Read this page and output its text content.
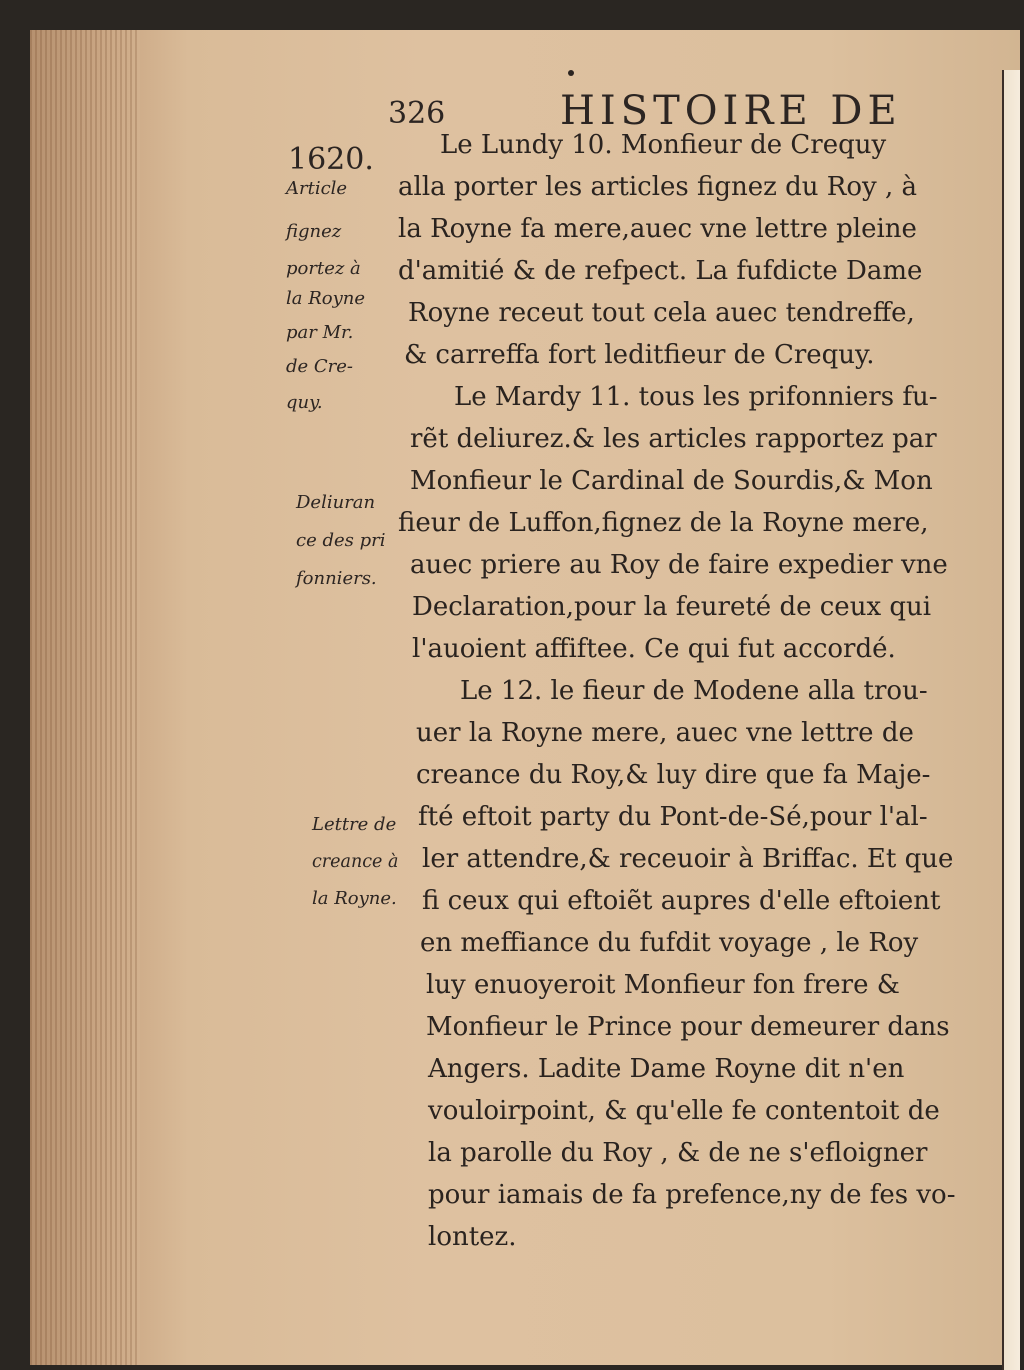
326	HISTOIRE DE
1620.
Article
fignez
portez à
la Royne
par Mr.
de Cre-
quy.
Deliuran
ce des pri
fonniers.
Lettre de
creance à
la Royne.
Le Lundy 10. Monfieur de Crequy
alla porter les articles fignez du Roy , à
la Royne fa mere,auec vne lettre pleine
d'amitié & de refpect. La fufdicte Dame
Royne receut tout cela auec tendreffe,
& carreffa fort leditfieur de Crequy.
Le Mardy 11. tous les prifonniers fu-
rẽt deliurez.& les articles rapportez par
Monfieur le Cardinal de Sourdis,& Mon
fieur de Luffon,fignez de la Royne mere,
auec priere au Roy de faire expedier vne
Declaration,pour la feureté de ceux qui
l'auoient affiftee. Ce qui fut accordé.
Le 12. le fieur de Modene alla trou-
uer la Royne mere, auec vne lettre de
creance du Roy,& luy dire que fa Maje-
fté eftoit party du Pont-de-Sé,pour l'al-
ler attendre,& receuoir à Briffac. Et que
fi ceux qui eftoiẽt aupres d'elle eftoient
en meffiance du fufdit voyage , le Roy
luy enuoyeroit Monfieur fon frere &
Monfieur le Prince pour demeurer dans
Angers. Ladite Dame Royne dit n'en
vouloirpoint, & qu'elle fe contentoit de
la parolle du Roy , & de ne s'efloigner
pour iamais de fa prefence,ny de fes vo-
lontez.
